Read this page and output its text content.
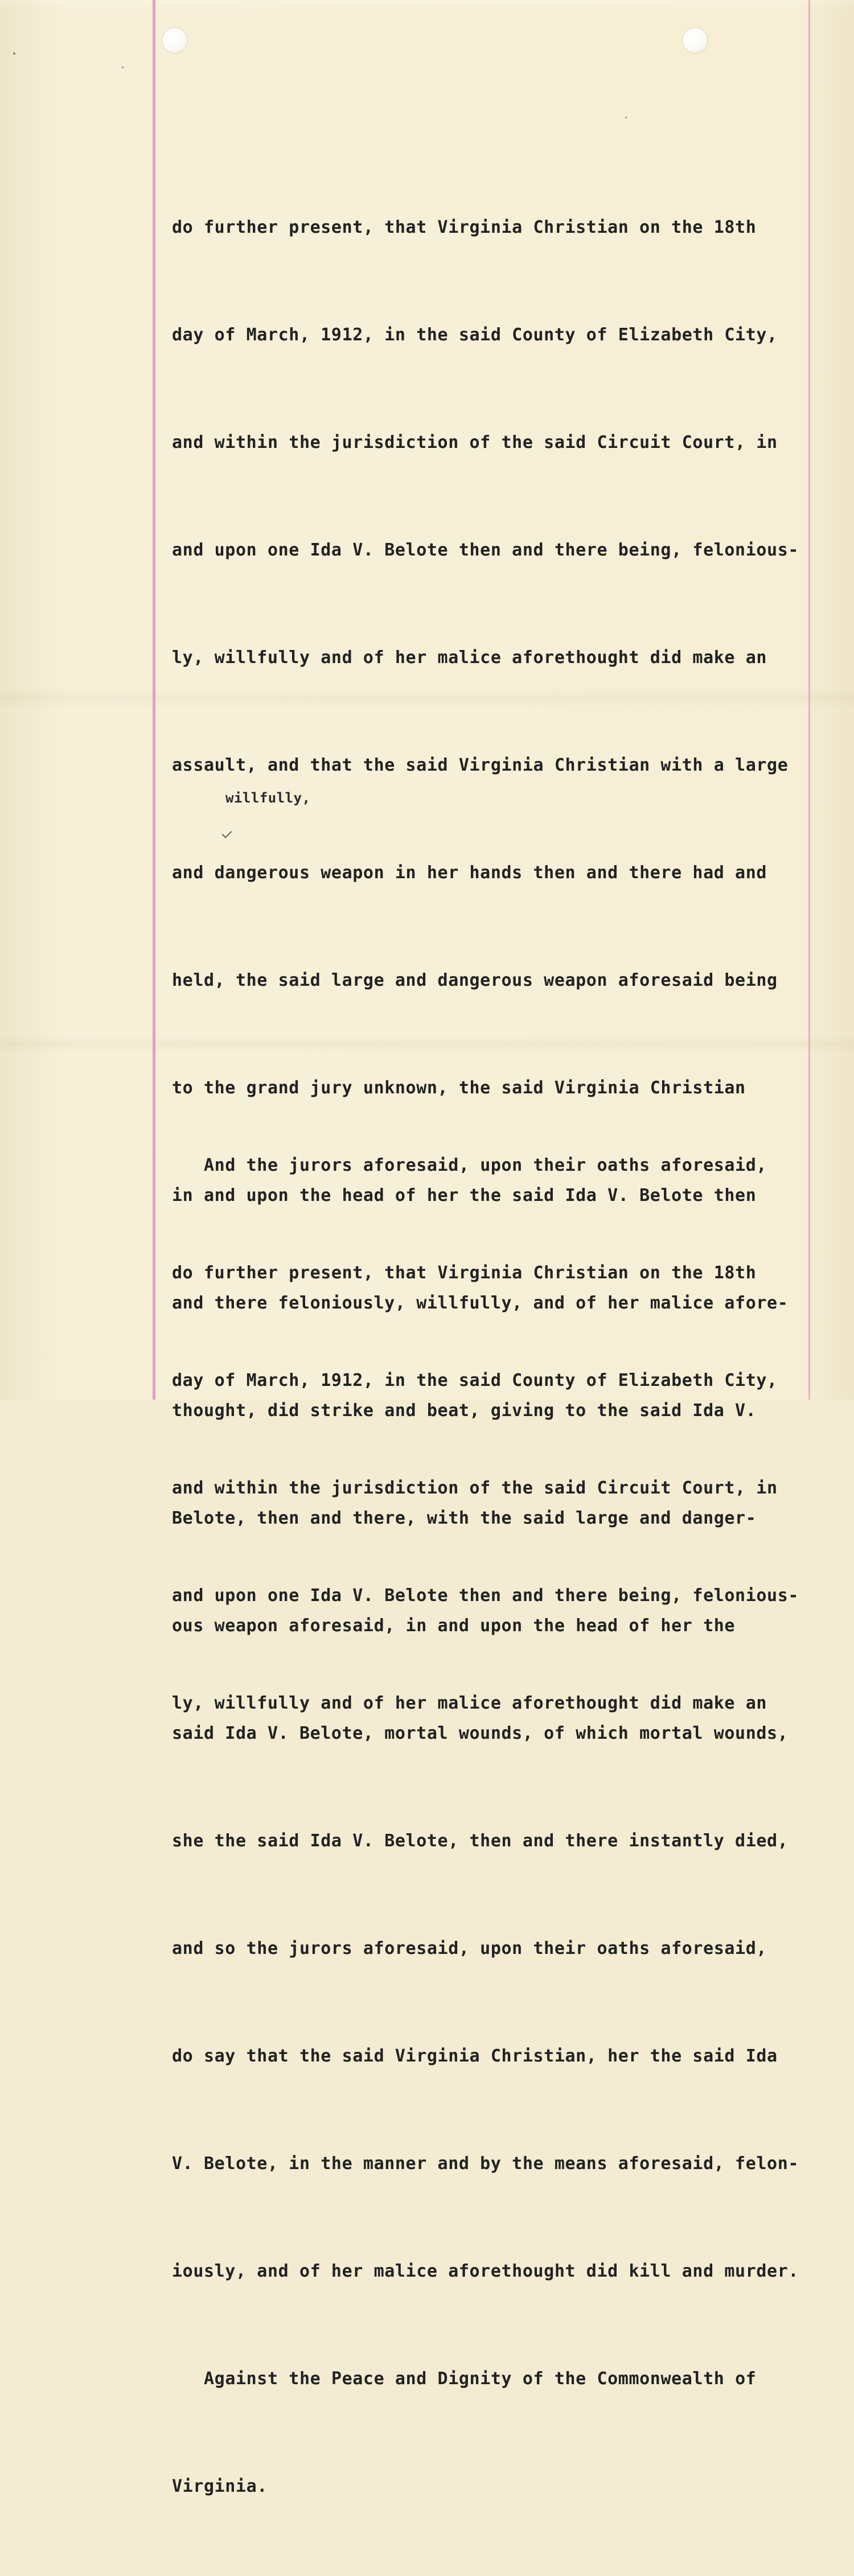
do further present, that Virginia Christian on the 18th

day of March, 1912, in the said County of Elizabeth City,

and within the jurisdiction of the said Circuit Court, in

and upon one Ida V. Belote then and there being, felonious-

ly, willfully and of her malice aforethought did make an

assault, and that the said Virginia Christian with a large

and dangerous weapon in her hands then and there had and

held, the said large and dangerous weapon aforesaid being

to the grand jury unknown, the said Virginia Christian

in and upon the head of her the said Ida V. Belote then

and there feloniously, willfully, and of her malice afore-

thought, did strike and beat, giving to the said Ida V.

Belote, then and there, with the said large and danger-

ous weapon aforesaid, in and upon the head of her the

said Ida V. Belote, mortal wounds, of which mortal wounds,

she the said Ida V. Belote, then and there instantly died,

and so the jurors aforesaid, upon their oaths aforesaid,

do say that the said Virginia Christian, her the said Ida

V. Belote, in the manner and by the means aforesaid, felon-

iously, and of her malice aforethought did kill and murder.

Against the Peace and Dignity of the Commonwealth of

Virginia.

willfully,

And the jurors aforesaid, upon their oaths aforesaid,

do further present, that Virginia Christian on the 18th

day of March, 1912, in the said County of Elizabeth City,

and within the jurisdiction of the said Circuit Court, in

and upon one Ida V. Belote then and there being, felonious-

ly, willfully and of her malice aforethought did make an
